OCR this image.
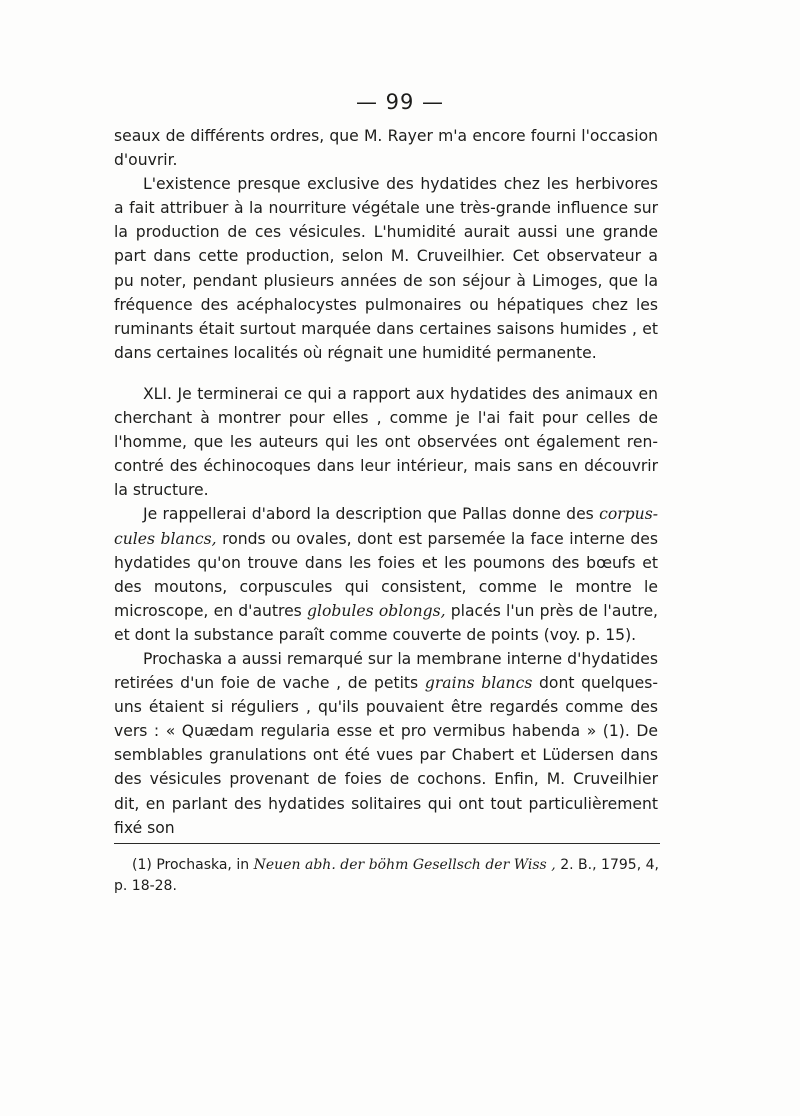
— 99 —

seaux de différents ordres, que M. Rayer m'a encore fourni l'occasion d'ouvrir.

L'existence presque exclusive des hydatides chez les herbivores a fait attribuer à la nourriture végétale une très-grande influence sur la production de ces vésicules. L'humidité aurait aussi une grande part dans cette production, selon M. Cruveilhier. Cet observateur a pu noter, pendant plusieurs années de son séjour à Limoges, que la fréquence des acéphalocystes pulmonaires ou hépatiques chez les ruminants était surtout marquée dans certaines saisons humides , et dans certaines localités où régnait une humidité permanente.

XLI. Je terminerai ce qui a rapport aux hydatides des animaux en cherchant à montrer pour elles , comme je l'ai fait pour celles de l'homme, que les auteurs qui les ont observées ont également rencontré des échinocoques dans leur intérieur, mais sans en découvrir la structure.

Je rappellerai d'abord la description que Pallas donne des corpuscules blancs, ronds ou ovales, dont est parsemée la face interne des hydatides qu'on trouve dans les foies et les poumons des bœufs et des moutons, corpuscules qui consistent, comme le montre le microscope, en d'autres globules oblongs, placés l'un près de l'autre, et dont la substance paraît comme couverte de points (voy. p. 15).

Prochaska a aussi remarqué sur la membrane interne d'hydatides retirées d'un foie de vache , de petits grains blancs dont quelques-uns étaient si réguliers , qu'ils pouvaient être regardés comme des vers : « Quædam regularia esse et pro vermibus habenda » (1). De semblables granulations ont été vues par Chabert et Lüdersen dans des vésicules provenant de foies de cochons. Enfin, M. Cruveilhier dit, en parlant des hydatides solitaires qui ont tout particulièrement fixé son

(1) Prochaska, in Neuen abh. der böhm Gesellsch der Wiss , 2. B., 1795, 4, p. 18-28.
